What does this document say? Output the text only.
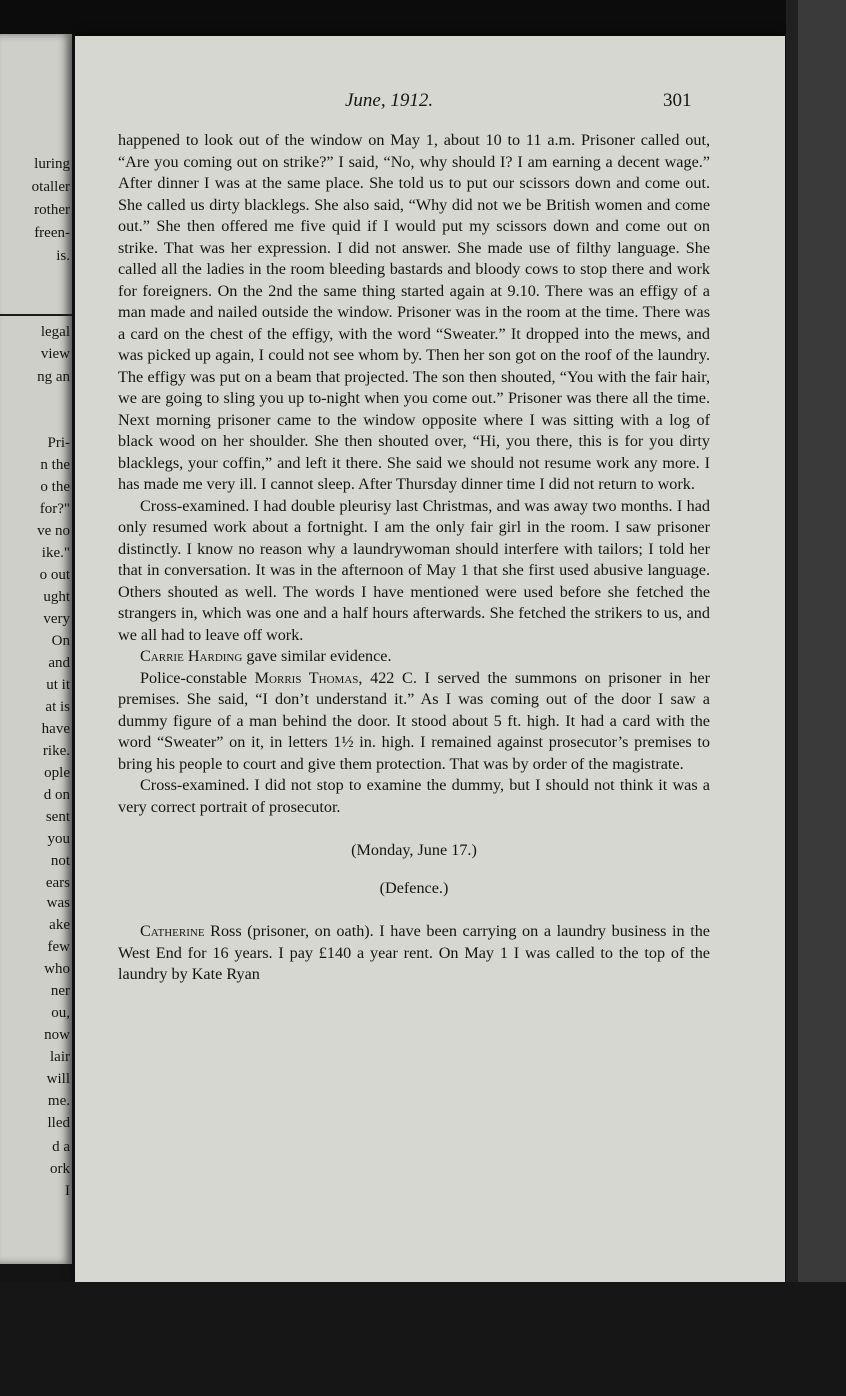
luring
otaller
rother
freen-
is.
legal
view
ng an
Pri-
n the
o the
for?"
ve no
ike."
o out
ught
very
On
and
ut it
at is
have
rike.
ople
d on
sent
you
not
ears
was
ake
few
who
ner
ou,
now
lair
will
me.
lled
d a
ork
I
June, 1912.	301

happened to look out of the window on May 1, about 10 to 11 a.m. Prisoner called out, “Are you coming out on strike?” I said, “No, why should I? I am earning a decent wage.” After dinner I was at the same place. She told us to put our scissors down and come out. She called us dirty blacklegs. She also said, “Why did not we be British women and come out.” She then offered me five quid if I would put my scissors down and come out on strike. That was her expression. I did not answer. She made use of filthy language. She called all the ladies in the room bleeding bastards and bloody cows to stop there and work for foreigners. On the 2nd the same thing started again at 9.10. There was an effigy of a man made and nailed outside the window. Prisoner was in the room at the time. There was a card on the chest of the effigy, with the word “Sweater.” It dropped into the mews, and was picked up again, I could not see whom by. Then her son got on the roof of the laundry. The effigy was put on a beam that projected. The son then shouted, “You with the fair hair, we are going to sling you up to-night when you come out.” Prisoner was there all the time. Next morning prisoner came to the window opposite where I was sitting with a log of black wood on her shoulder. She then shouted over, “Hi, you there, this is for you dirty blacklegs, your coffin,” and left it there. She said we should not resume work any more. I has made me very ill. I cannot sleep. After Thursday dinner time I did not return to work.

Cross-examined. I had double pleurisy last Christmas, and was away two months. I had only resumed work about a fortnight. I am the only fair girl in the room. I saw prisoner distinctly. I know no reason why a laundrywoman should interfere with tailors; I told her that in conversation. It was in the afternoon of May 1 that she first used abusive language. Others shouted as well. The words I have mentioned were used before she fetched the strangers in, which was one and a half hours afterwards. She fetched the strikers to us, and we all had to leave off work.

Carrie Harding gave similar evidence.

Police-constable Morris Thomas, 422 C. I served the summons on prisoner in her premises. She said, “I don’t understand it.” As I was coming out of the door I saw a dummy figure of a man behind the door. It stood about 5 ft. high. It had a card with the word “Sweater” on it, in letters 1½ in. high. I remained against prosecutor’s premises to bring his people to court and give them protection. That was by order of the magistrate.

Cross-examined. I did not stop to examine the dummy, but I should not think it was a very correct portrait of prosecutor.

(Monday, June 17.)

(Defence.)

Catherine Ross (prisoner, on oath). I have been carrying on a laundry business in the West End for 16 years. I pay £140 a year rent. On May 1 I was called to the top of the laundry by Kate Ryan
